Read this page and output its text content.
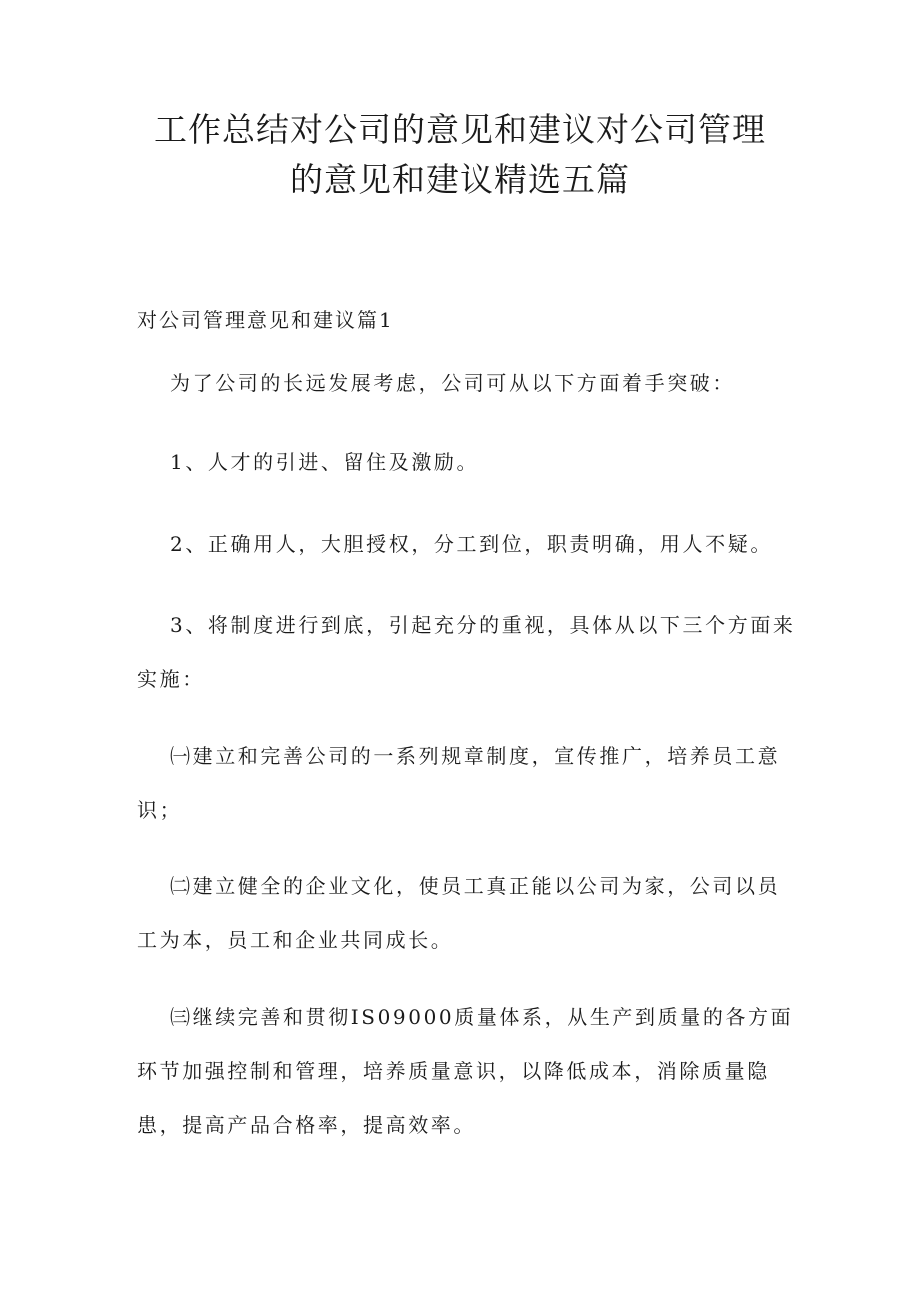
工作总结对公司的意见和建议对公司管理
的意见和建议精选五篇
对公司管理意见和建议篇1

为了公司的长远发展考虑，公司可从以下方面着手突破：

1、人才的引进、留住及激励。

2、正确用人，大胆授权，分工到位，职责明确，用人不疑。

3、将制度进行到底，引起充分的重视，具体从以下三个方面来实施：

㈠建立和完善公司的一系列规章制度，宣传推广，培养员工意识；

㈡建立健全的企业文化，使员工真正能以公司为家，公司以员工为本，员工和企业共同成长。

㈢继续完善和贯彻IS09000质量体系，从生产到质量的各方面环节加强控制和管理，培养质量意识，以降低成本，消除质量隐患，提高产品合格率，提高效率。
